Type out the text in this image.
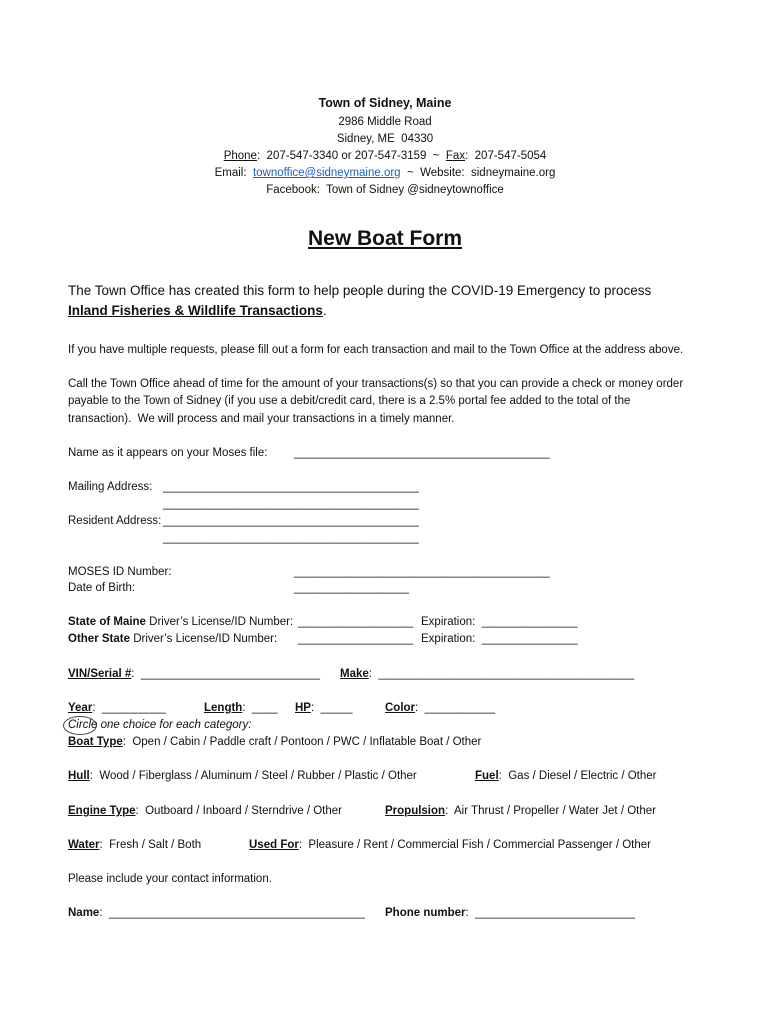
Town of Sidney, Maine
2986 Middle Road
Sidney, ME  04330
Phone:  207-547-3340 or 207-547-3159  ~  Fax:  207-547-5054
Email:  townoffice@sidneymaine.org  ~  Website:  sidneymaine.org
Facebook:  Town of Sidney @sidneytownoffice
New Boat Form
The Town Office has created this form to help people during the COVID-19 Emergency to process
Inland Fisheries & Wildlife Transactions.
If you have multiple requests, please fill out a form for each transaction and mail to the Town Office at the address above.
Call the Town Office ahead of time for the amount of your transactions(s) so that you can provide a check or money order
payable to the Town of Sidney (if you use a debit/credit card, there is a 2.5% portal fee added to the total of the
transaction).  We will process and mail your transactions in a timely manner.
Name as it appears on your Moses file: ________________________________________
Mailing Address: ________________________________________
________________________________________
Resident Address: ________________________________________
________________________________________
MOSES ID Number:	________________________________________
Date of Birth:	__________________
State of Maine Driver’s License/ID Number: __________________ Expiration:  _______________
Other State Driver’s License/ID Number: __________________ Expiration:  _______________
VIN/Serial #:  ____________________________ Make:  ________________________________________
Year:  __________	Length:  ____ HP:  _____	Color:  ___________
Circle one choice for each category:
Boat Type:  Open / Cabin / Paddle craft / Pontoon / PWC / Inflatable Boat / Other
Hull:  Wood / Fiberglass / Aluminum / Steel / Rubber / Plastic / Other	Fuel:  Gas / Diesel / Electric / Other
Engine Type:  Outboard / Inboard / Sterndrive / Other	Propulsion:  Air Thrust / Propeller / Water Jet / Other
Water:  Fresh / Salt / Both	Used For:  Pleasure / Rent / Commercial Fish / Commercial Passenger / Other
Please include your contact information.
Name:  ________________________________________ Phone number:  _________________________
